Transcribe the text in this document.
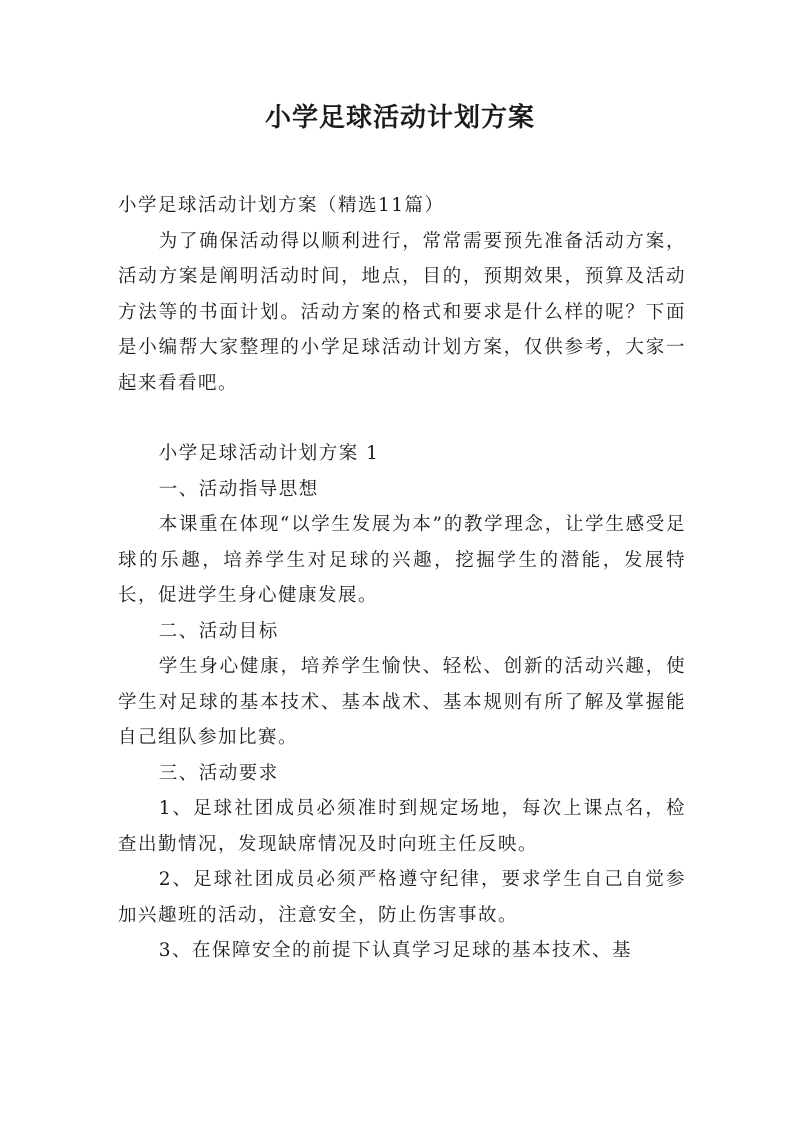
小学足球活动计划方案

小学足球活动计划方案（精选11篇）

为了确保活动得以顺利进行，常常需要预先准备活动方案，活动方案是阐明活动时间，地点，目的，预期效果，预算及活动方法等的书面计划。活动方案的格式和要求是什么样的呢？下面是小编帮大家整理的小学足球活动计划方案，仅供参考，大家一起来看看吧。

小学足球活动计划方案 1

一、活动指导思想

本课重在体现“以学生发展为本”的教学理念，让学生感受足球的乐趣，培养学生对足球的兴趣，挖掘学生的潜能，发展特长，促进学生身心健康发展。

二、活动目标

学生身心健康，培养学生愉快、轻松、创新的活动兴趣，使学生对足球的基本技术、基本战术、基本规则有所了解及掌握能自己组队参加比赛。

三、活动要求

1、足球社团成员必须准时到规定场地，每次上课点名，检查出勤情况，发现缺席情况及时向班主任反映。

2、足球社团成员必须严格遵守纪律，要求学生自己自觉参加兴趣班的活动，注意安全，防止伤害事故。

3、在保障安全的前提下认真学习足球的基本技术、基
